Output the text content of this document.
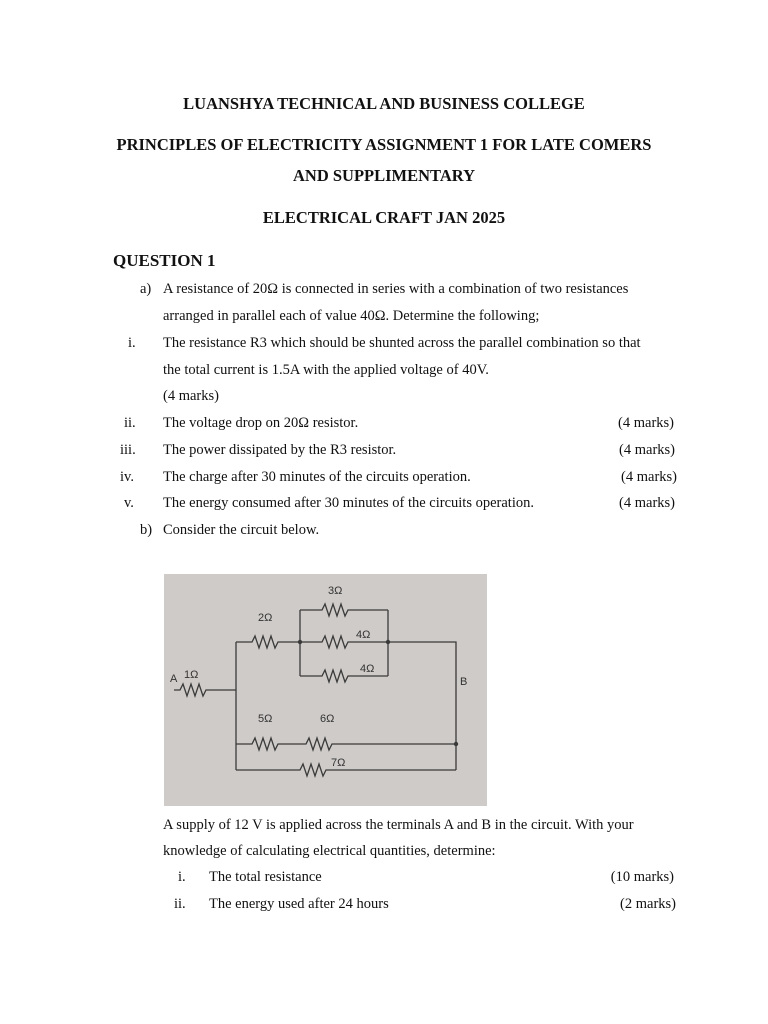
LUANSHYA TECHNICAL AND BUSINESS COLLEGE
PRINCIPLES OF ELECTRICITY ASSIGNMENT 1 FOR LATE COMERS
AND SUPPLIMENTARY
ELECTRICAL CRAFT JAN 2025
QUESTION 1
a) A resistance of 20Ω is connected in series with a combination of two resistances
arranged in parallel each of value 40Ω. Determine the following;
i. The resistance R3 which should be shunted across the parallel combination so that
the total current is 1.5A with the applied voltage of 40V.
(4 marks)
ii. The voltage drop on 20Ω resistor.	(4 marks)
iii. The power dissipated by the R3 resistor.	(4 marks)
iv. The charge after 30 minutes of the circuits operation.	(4 marks)
v. The energy consumed after 30 minutes of the circuits operation.	(4 marks)
b) Consider the circuit below.
A 1Ω
2Ω
3Ω
4Ω
4Ω
B
5Ω	6Ω
7Ω
A supply of 12 V is applied across the terminals A and B in the circuit. With your
knowledge of calculating electrical quantities, determine:
i. The total resistance	(10 marks)
ii. The energy used after 24 hours	(2 marks)
